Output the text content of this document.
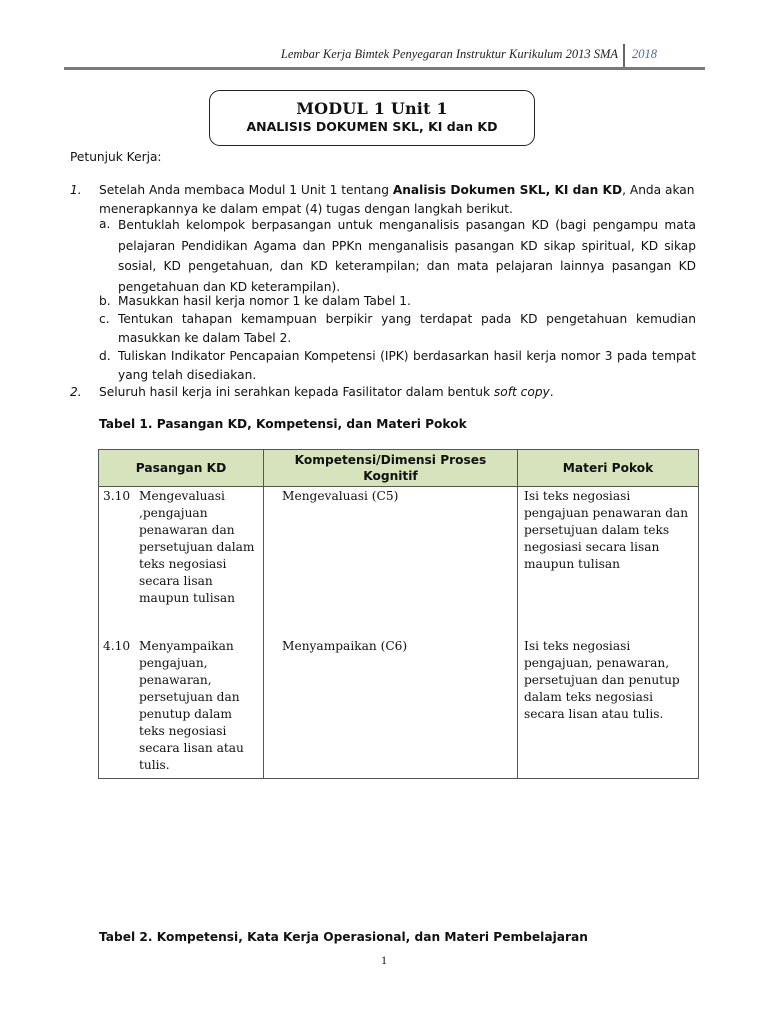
Lembar Kerja Bimtek Penyegaran Instruktur Kurikulum 2013 SMA 2018
MODUL 1 Unit 1
ANALISIS DOKUMEN SKL, KI dan KD
Petunjuk Kerja:
1. Setelah Anda membaca Modul 1 Unit 1 tentang Analisis Dokumen SKL, KI dan KD, Anda akan menerapkannya ke dalam empat (4) tugas dengan langkah berikut.
a. Bentuklah kelompok berpasangan untuk menganalisis pasangan KD (bagi pengampu mata pelajaran Pendidikan Agama dan PPKn menganalisis pasangan KD sikap spiritual, KD sikap sosial, KD pengetahuan, dan KD keterampilan; dan mata pelajaran lainnya pasangan KD pengetahuan dan KD keterampilan).
b. Masukkan hasil kerja nomor 1 ke dalam Tabel 1.
c. Tentukan tahapan kemampuan berpikir yang terdapat pada KD pengetahuan kemudian masukkan ke dalam Tabel 2.
d. Tuliskan Indikator Pencapaian Kompetensi (IPK) berdasarkan hasil kerja nomor 3 pada tempat yang telah disediakan.
2. Seluruh hasil kerja ini serahkan kepada Fasilitator dalam bentuk soft copy.
Tabel 1. Pasangan KD, Kompetensi, dan Materi Pokok
Pasangan KD	Kompetensi/Dimensi Proses Kognitif	Materi Pokok
3.10 Mengevaluasi ,pengajuan penawaran dan persetujuan dalam teks negosiasi secara lisan maupun tulisan	Mengevaluasi (C5)	Isi teks negosiasi pengajuan penawaran dan persetujuan dalam teks negosiasi secara lisan maupun tulisan
4.10 Menyampaikan pengajuan, penawaran, persetujuan dan penutup dalam teks negosiasi secara lisan atau tulis.	Menyampaikan (C6)	Isi teks negosiasi pengajuan, penawaran, persetujuan dan penutup dalam teks negosiasi secara lisan atau tulis.
Tabel 2. Kompetensi, Kata Kerja Operasional, dan Materi Pembelajaran
1
